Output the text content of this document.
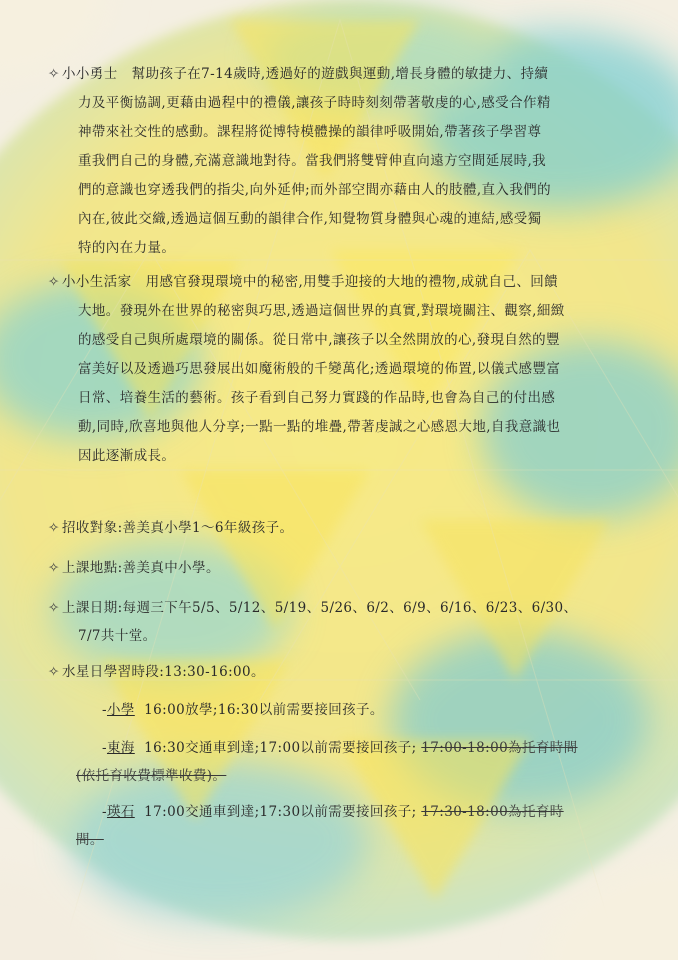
✧ 小小勇士 幫助孩子在7-14歲時,透過好的遊戲與運動,增長身體的敏捷力、持續
力及平衡協調,更藉由過程中的禮儀,讓孩子時時刻刻帶著敬虔的心,感受合作精
神帶來社交性的感動。課程將從博特模體操的韻律呼吸開始,帶著孩子學習尊
重我們自己的身體,充滿意識地對待。當我們將雙臂伸直向遠方空間延展時,我
們的意識也穿透我們的指尖,向外延伸;而外部空間亦藉由人的肢體,直入我們的
內在,彼此交織,透過這個互動的韻律合作,知覺物質身體與心魂的連結,感受獨
特的內在力量。
✧ 小小生活家 用感官發現環境中的秘密,用雙手迎接的大地的禮物,成就自己、回饋
大地。發現外在世界的秘密與巧思,透過這個世界的真實,對環境關注、觀察,細緻
的感受自己與所處環境的關係。從日常中,讓孩子以全然開放的心,發現自然的豐
富美好以及透過巧思發展出如魔術般的千變萬化;透過環境的佈置,以儀式感豐富
日常、培養生活的藝術。孩子看到自己努力實踐的作品時,也會為自己的付出感
動,同時,欣喜地與他人分享;一點一點的堆疊,帶著虔誠之心感恩大地,自我意識也
因此逐漸成長。
✧ 招收對象:善美真小學1～6年級孩子。
✧ 上課地點:善美真中小學。
✧ 上課日期:每週三下午5/5、5/12、5/19、5/26、6/2、6/9、6/16、6/23、6/30、
7/7共十堂。
✧ 水星日學習時段:13:30-16:00。
-小學 16:00放學;16:30以前需要接回孩子。
-東海 16:30交通車到達;17:00以前需要接回孩子; 17:00-18:00為托育時間
(依托育收費標準收費)。
-瑛石 17:00交通車到達;17:30以前需要接回孩子; 17:30-18:00為托育時
間。
